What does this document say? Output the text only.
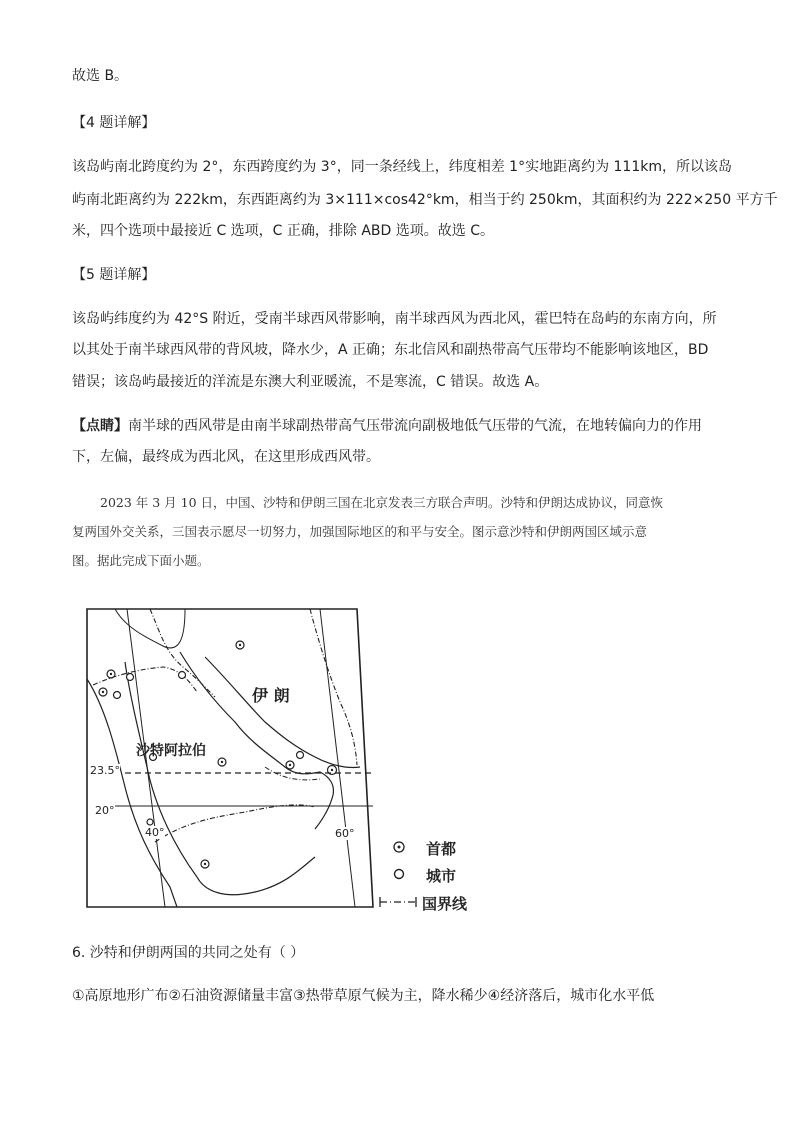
故选 B。
【4 题详解】
该岛屿南北跨度约为 2°，东西跨度约为 3°，同一条经线上，纬度相差 1°实地距离约为 111km，所以该岛
屿南北距离约为 222km，东西距离约为 3×111×cos42°km，相当于约 250km，其面积约为 222×250 平方千
米，四个选项中最接近 C 选项，C 正确，排除 ABD 选项。故选 C。
【5 题详解】
该岛屿纬度约为 42°S 附近，受南半球西风带影响，南半球西风为西北风，霍巴特在岛屿的东南方向，所
以其处于南半球西风带的背风坡，降水少，A 正确；东北信风和副热带高气压带均不能影响该地区，BD
错误；该岛屿最接近的洋流是东澳大利亚暖流，不是寒流，C 错误。故选 A。
【点睛】南半球的西风带是由南半球副热带高气压带流向副极地低气压带的气流，在地转偏向力的作用
下，左偏，最终成为西北风，在这里形成西风带。
2023 年 3 月 10 日，中国、沙特和伊朗三国在北京发表三方联合声明。沙特和伊朗达成协议，同意恢
复两国外交关系，三国表示愿尽一切努力，加强国际地区的和平与安全。图示意沙特和伊朗两国区域示意
图。据此完成下面小题。
伊 朗
沙特阿拉伯
23.5°
20°
40°	60°
首都
城市
国界线
6. 沙特和伊朗两国的共同之处有（ ）
①高原地形广布②石油资源储量丰富③热带草原气候为主，降水稀少④经济落后，城市化水平低
